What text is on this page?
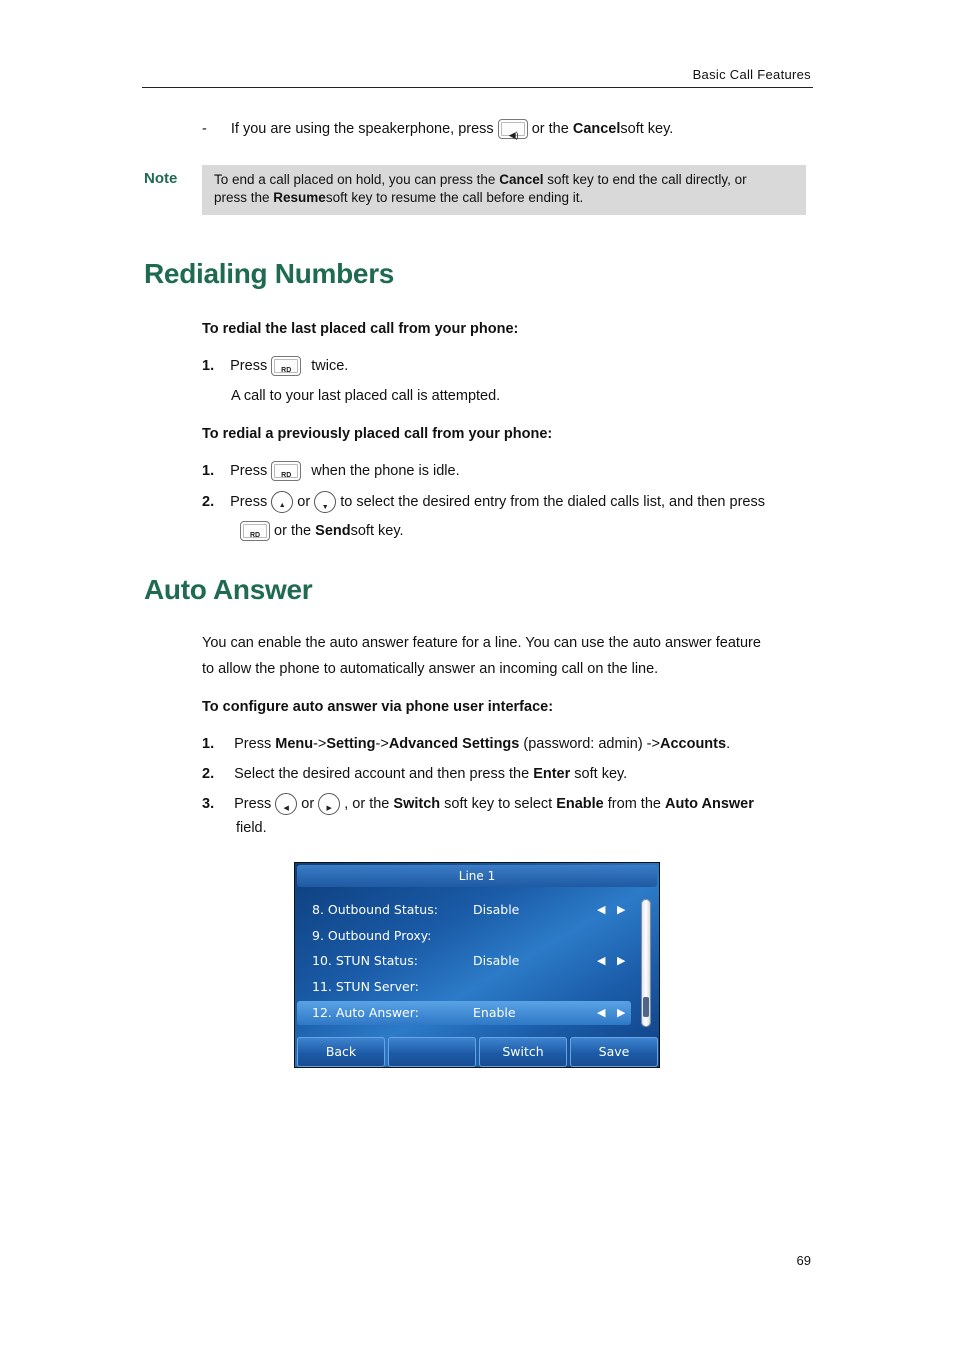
Basic Call Features
- If you are using the speakerphone, press ◀) or the Cancelsoft key.
Note	To end a call placed on hold, you can press the Cancel soft key to end the call directly, or
press the Resumesoft key to resume the call before ending it.
Redialing Numbers
To redial the last placed call from your phone:
1. Press	RD	twice.
A call to your last placed call is attempted.
To redial a previously placed call from your phone:
1. Press	RD	when the phone is idle.
2. Press	▲ or	▼ to select the desired entry from the dialed calls list, and then press
RD or the Sendsoft key.
Auto Answer
You can enable the auto answer feature for a line. You can use the auto answer feature
to allow the phone to automatically answer an incoming call on the line.
To configure auto answer via phone user interface:
1. Press Menu->Setting->Advanced Settings (password: admin) ->Accounts.
2. Select the desired account and then press the Enter soft key.
3. Press	◀ or	▶ , or the Switch soft key to select Enable from the Auto Answer
field.
Line 1
8. Outbound Status:	Disable	◀ ▶
9. Outbound Proxy:
10. STUN Status:	Disable	◀ ▶
11. STUN Server:
12. Auto Answer:	Enable	◀ ▶
Back	Switch	Save
69
